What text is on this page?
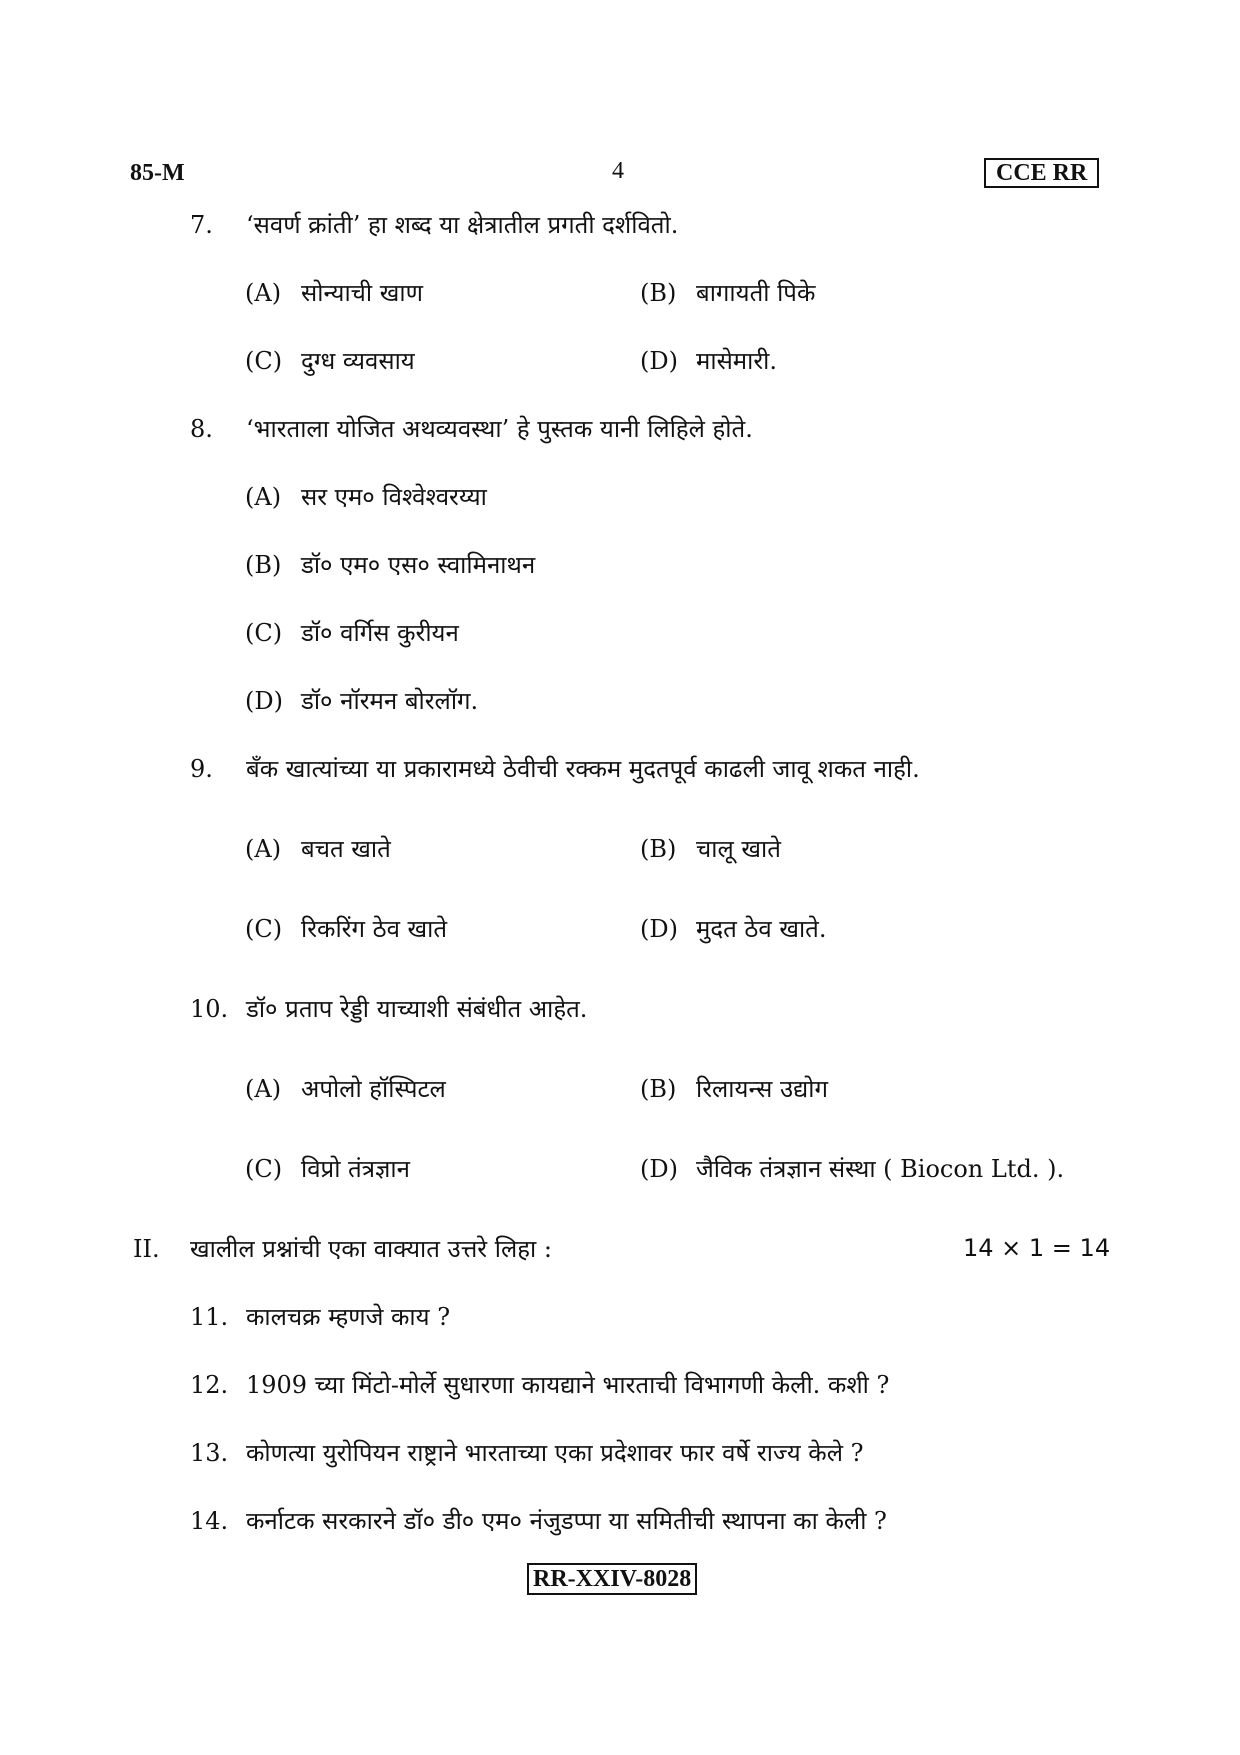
85-M	4	CCE RR
7. ‘सवर्ण क्रांती’ हा शब्द या क्षेत्रातील प्रगती दर्शवितो.
(A) सोन्याची खाण	(B) बागायती पिके
(C) दुग्ध व्यवसाय	(D) मासेमारी.
8. ‘भारताला योजित अथव्यवस्था’ हे पुस्तक यानी लिहिले होते.
(A) सर एम० विश्वेश्वरय्या
(B) डॉ० एम० एस० स्वामिनाथन
(C) डॉ० वर्गिस कुरीयन
(D) डॉ० नॉरमन बोरलॉग.
9. बँक खात्यांच्या या प्रकारामध्ये ठेवीची रक्कम मुदतपूर्व काढली जावू शकत नाही.
(A) बचत खाते	(B) चालू खाते
(C) रिकरिंग ठेव खाते	(D) मुदत ठेव खाते.
10. डॉ० प्रताप रेड्डी याच्याशी संबंधीत आहेत.
(A) अपोलो हॉस्पिटल	(B) रिलायन्स उद्योग
(C) विप्रो तंत्रज्ञान	(D) जैविक तंत्रज्ञान संस्था ( Biocon Ltd. ).
II. खालील प्रश्नांची एका वाक्यात उत्तरे लिहा :	14 × 1 = 14
11. कालचक्र म्हणजे काय ?
12. 1909 च्या मिंटो-मोर्ले सुधारणा कायद्याने भारताची विभागणी केली. कशी ?
13. कोणत्या युरोपियन राष्ट्राने भारताच्या एका प्रदेशावर फार वर्षे राज्य केले ?
14. कर्नाटक सरकारने डॉ० डी० एम० नंजुडप्पा या समितीची स्थापना का केली ?
RR-XXIV-8028
